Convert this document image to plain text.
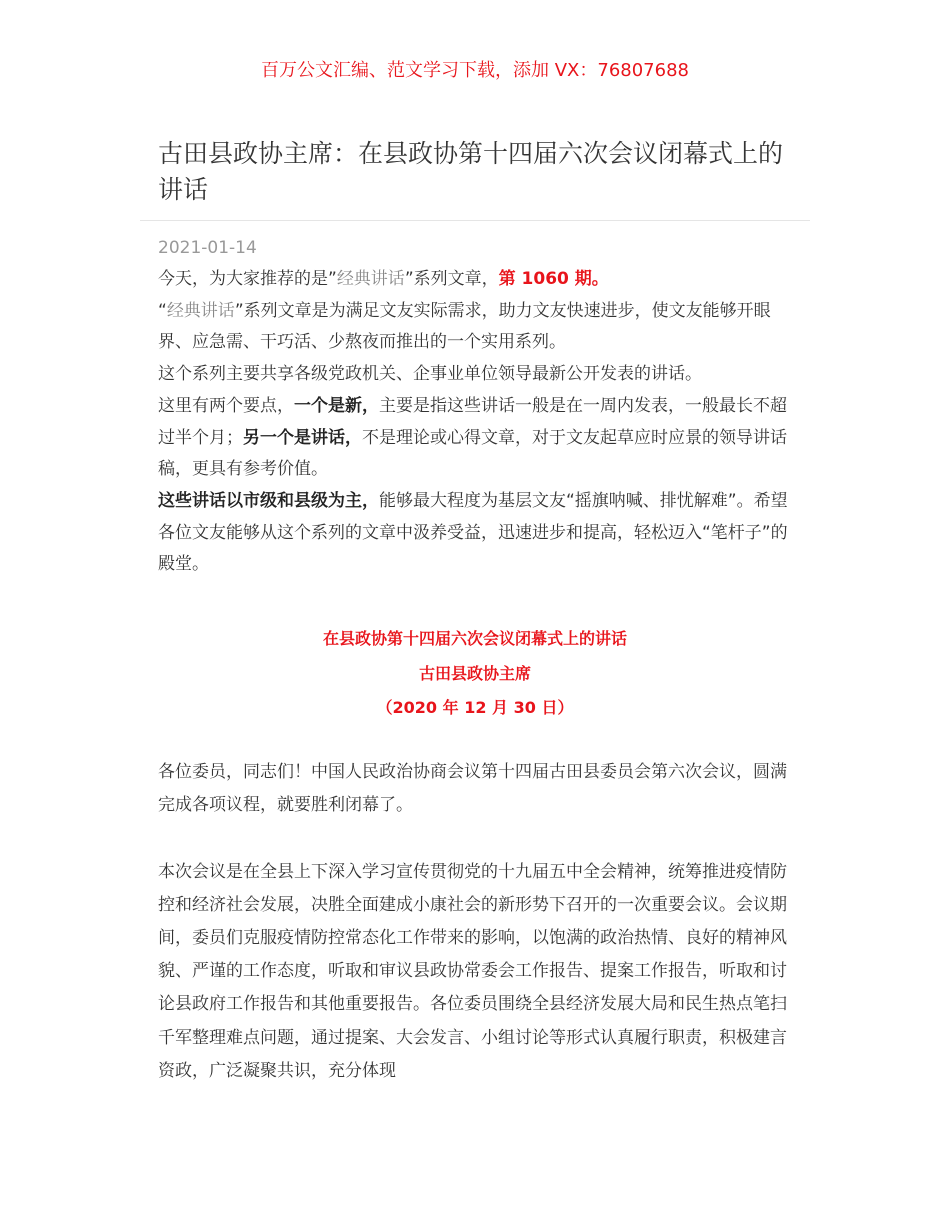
百万公文汇编、范文学习下载，添加 VX：76807688
古田县政协主席：在县政协第十四届六次会议闭幕式上的讲话
2021-01-14

今天，为大家推荐的是”经典讲话”系列文章，第 1060 期。

“经典讲话”系列文章是为满足文友实际需求，助力文友快速进步，使文友能够开眼界、应急需、干巧活、少熬夜而推出的一个实用系列。

这个系列主要共享各级党政机关、企事业单位领导最新公开发表的讲话。

这里有两个要点，一个是新，主要是指这些讲话一般是在一周内发表，一般最长不超过半个月；另一个是讲话，不是理论或心得文章，对于文友起草应时应景的领导讲话稿，更具有参考价值。

这些讲话以市级和县级为主，能够最大程度为基层文友“摇旗呐喊、排忧解难”。希望各位文友能够从这个系列的文章中汲养受益，迅速进步和提高，轻松迈入“笔杆子”的殿堂。

在县政协第十四届六次会议闭幕式上的讲话
古田县政协主席
（2020 年 12 月 30 日）

各位委员，同志们！中国人民政治协商会议第十四届古田县委员会第六次会议，圆满完成各项议程，就要胜利闭幕了。

本次会议是在全县上下深入学习宣传贯彻党的十九届五中全会精神，统筹推进疫情防控和经济社会发展，决胜全面建成小康社会的新形势下召开的一次重要会议。会议期间，委员们克服疫情防控常态化工作带来的影响，以饱满的政治热情、良好的精神风貌、严谨的工作态度，听取和审议县政协常委会工作报告、提案工作报告，听取和讨论县政府工作报告和其他重要报告。各位委员围绕全县经济发展大局和民生热点笔扫千军整理难点问题，通过提案、大会发言、小组讨论等形式认真履行职责，积极建言资政，广泛凝聚共识，充分体现
